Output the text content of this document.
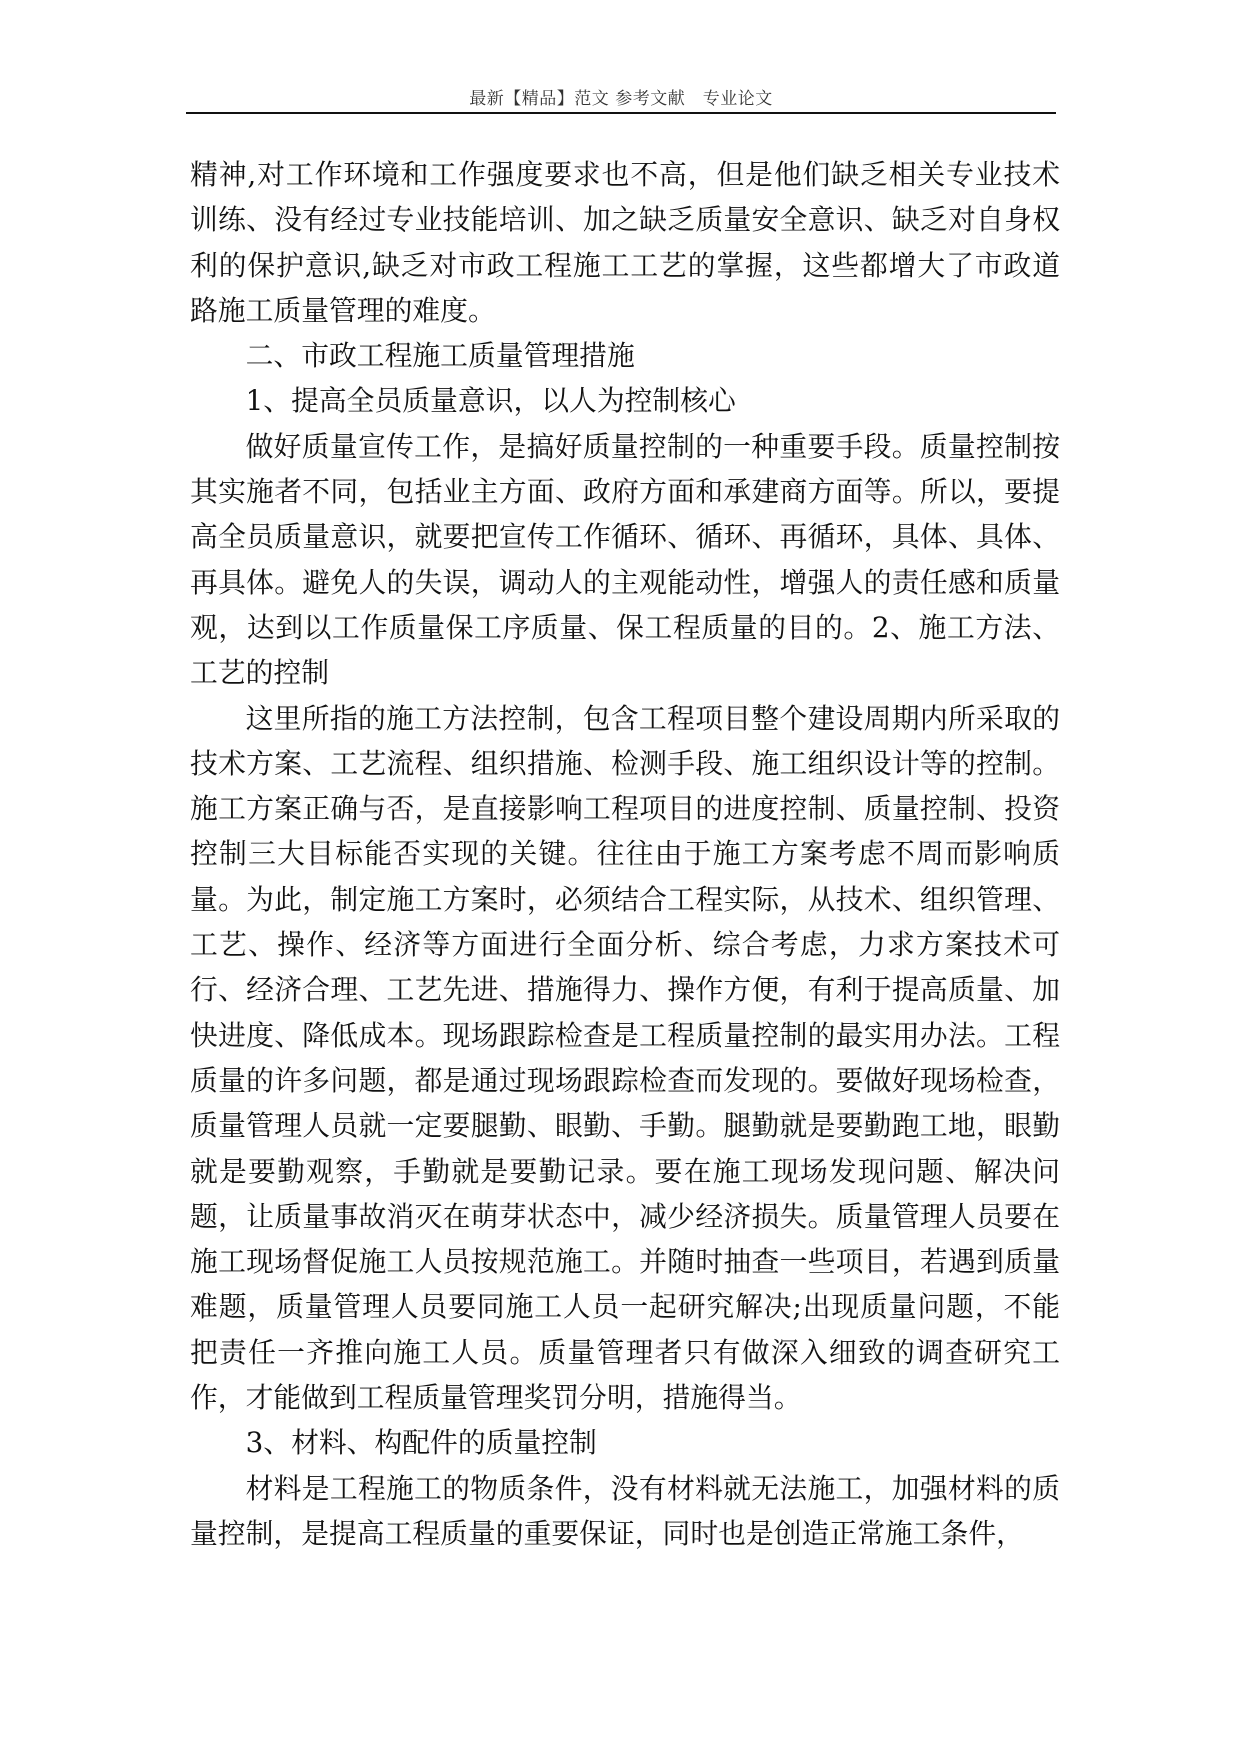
最新【精品】范文 参考文献　专业论文

精神,对工作环境和工作强度要求也不高，但是他们缺乏相关专业技术训练、没有经过专业技能培训、加之缺乏质量安全意识、缺乏对自身权利的保护意识,缺乏对市政工程施工工艺的掌握，这些都增大了市政道路施工质量管理的难度。

二、市政工程施工质量管理措施

1、提高全员质量意识，以人为控制核心

做好质量宣传工作，是搞好质量控制的一种重要手段。质量控制按其实施者不同，包括业主方面、政府方面和承建商方面等。所以，要提高全员质量意识，就要把宣传工作循环、循环、再循环，具体、具体、再具体。避免人的失误，调动人的主观能动性，增强人的责任感和质量观，达到以工作质量保工序质量、保工程质量的目的。2、施工方法、工艺的控制

这里所指的施工方法控制，包含工程项目整个建设周期内所采取的技术方案、工艺流程、组织措施、检测手段、施工组织设计等的控制。施工方案正确与否，是直接影响工程项目的进度控制、质量控制、投资控制三大目标能否实现的关键。往往由于施工方案考虑不周而影响质量。为此，制定施工方案时，必须结合工程实际，从技术、组织管理、工艺、操作、经济等方面进行全面分析、综合考虑，力求方案技术可行、经济合理、工艺先进、措施得力、操作方便，有利于提高质量、加快进度、降低成本。现场跟踪检查是工程质量控制的最实用办法。工程质量的许多问题，都是通过现场跟踪检查而发现的。要做好现场检查，质量管理人员就一定要腿勤、眼勤、手勤。腿勤就是要勤跑工地，眼勤就是要勤观察，手勤就是要勤记录。要在施工现场发现问题、解决问题，让质量事故消灭在萌芽状态中，减少经济损失。质量管理人员要在施工现场督促施工人员按规范施工。并随时抽查一些项目，若遇到质量难题，质量管理人员要同施工人员一起研究解决;出现质量问题，不能把责任一齐推向施工人员。质量管理者只有做深入细致的调查研究工作，才能做到工程质量管理奖罚分明，措施得当。

3、材料、构配件的质量控制

材料是工程施工的物质条件，没有材料就无法施工，加强材料的质量控制，是提高工程质量的重要保证，同时也是创造正常施工条件，
